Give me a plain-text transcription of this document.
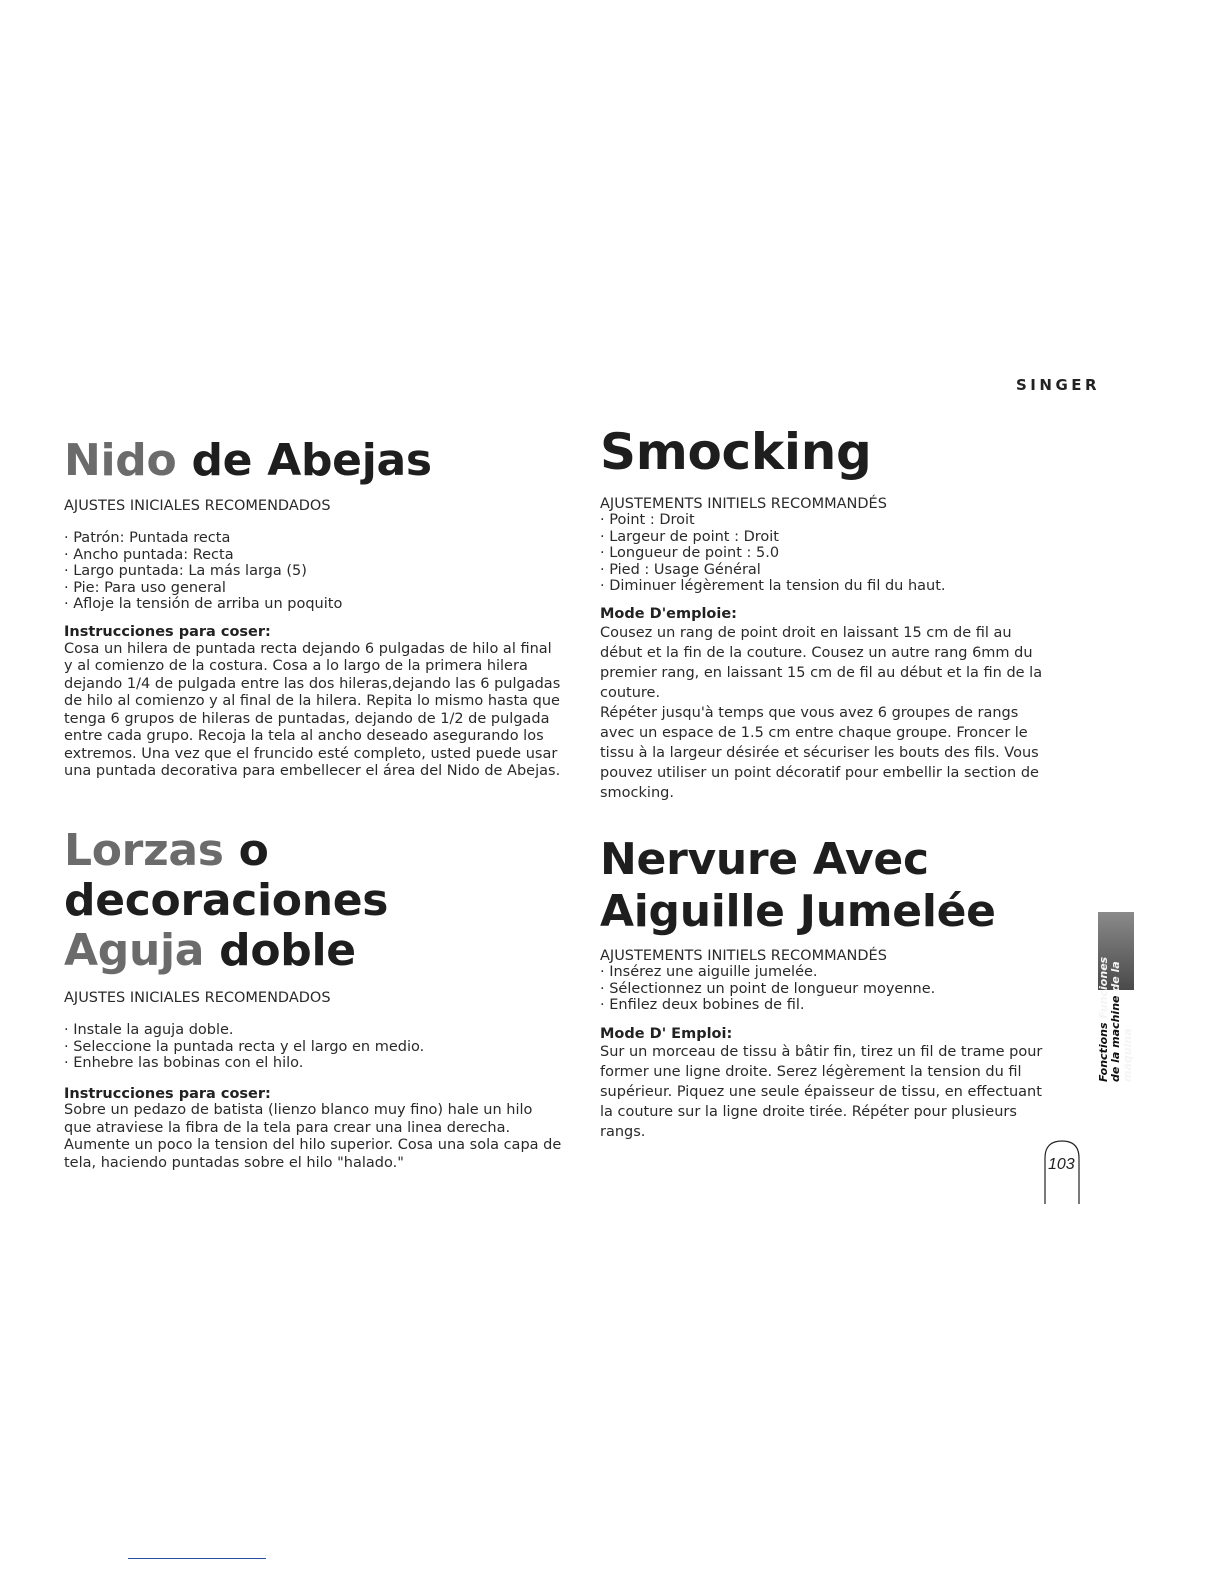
SINGER
Nido de Abejas

AJUSTES INICIALES RECOMENDADOS

· Patrón: Puntada recta
· Ancho puntada: Recta
· Largo puntada: La más larga (5)
· Pie: Para uso general
· Afloje la tensión de arriba un poquito

Instrucciones para coser:

Cosa un hilera de puntada recta dejando 6 pulgadas de hilo al final y al comienzo de la costura. Cosa a lo largo de la primera hilera dejando 1/4 de pulgada entre las dos hileras,dejando las 6 pulgadas de hilo al comienzo y al final de la hilera. Repita lo mismo hasta que tenga 6 grupos de hileras de puntadas, dejando de 1/2 de pulgada entre cada grupo. Recoja la tela al ancho deseado asegurando los extremos. Una vez que el fruncido esté completo, usted puede usar una puntada decorativa para embellecer el área del Nido de Abejas.

Lorzas o decoraciones
Aguja doble

AJUSTES INICIALES RECOMENDADOS

· Instale la aguja doble.
· Seleccione la puntada recta y el largo en medio.
· Enhebre las bobinas con el hilo.

Instrucciones para coser:

Sobre un pedazo de batista (lienzo blanco muy fino) hale un hilo que atraviese la fibra de la tela para crear una linea derecha.

Aumente un poco la tension del hilo superior. Cosa una sola capa de tela, haciendo puntadas sobre el hilo "halado."

Smocking

AJUSTEMENTS INITIELS RECOMMANDÉS

· Point : Droit
· Largeur de point : Droit
· Longueur de point : 5.0
· Pied : Usage Général
· Diminuer légèrement la tension du fil du haut.

Mode D'emploie:

Cousez un rang de point droit en laissant 15 cm de fil au début et la fin de la couture. Cousez un autre rang 6mm du premier rang, en laissant 15 cm de fil au début et la fin de la couture.

Répéter jusqu'à temps que vous avez 6 groupes de rangs avec un espace de 1.5 cm entre chaque groupe. Froncer le tissu à la largeur désirée et sécuriser les bouts des fils. Vous pouvez utiliser un point décoratif pour embellir la section de smocking.

Nervure Avec
Aiguille Jumelée

AJUSTEMENTS INITIELS RECOMMANDÉS

· Insérez une aiguille jumelée.
· Sélectionnez un point de longueur moyenne.
· Enfilez deux bobines de fil.

Mode D' Emploi:

Sur un morceau de tissu à bâtir fin, tirez un fil de trame pour former une ligne droite. Serez légèrement la tension du fil supérieur. Piquez une seule épaisseur de tissu, en effectuant la couture sur la ligne droite tirée. Répéter pour plusieurs rangs.

Fonctions Funciones
de la machine de la máquina
103
